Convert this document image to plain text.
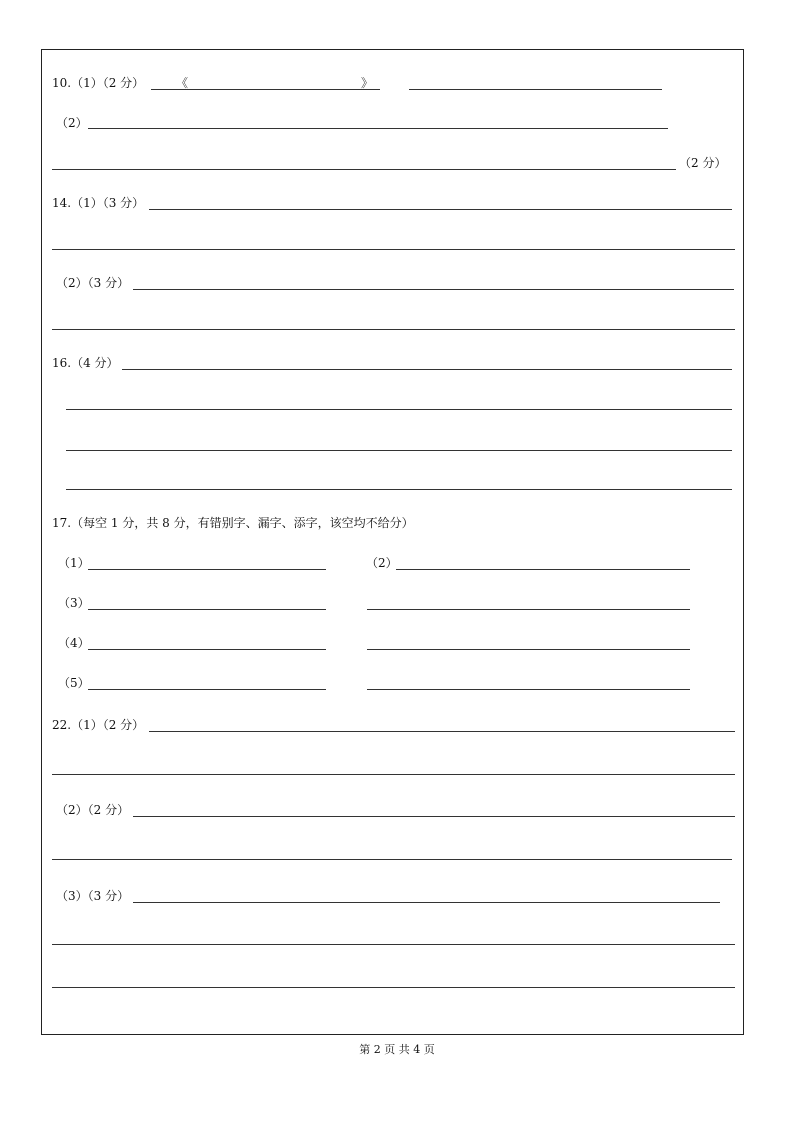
10.（1）（2 分）	《	》
（2）
（2 分）
14.（1）（3 分）
（2）（3 分）
16.（4 分）
17.（每空 1 分，共 8 分，有错别字、漏字、添字，该空均不给分）
（1）	（2）
（3）
（4）
（5）
22.（1）（2 分）
（2）（2 分）
（3）（3 分）
第 2 页 共 4 页
